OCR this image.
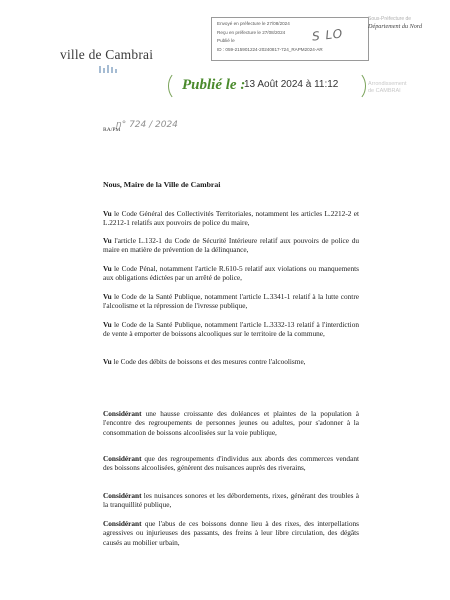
Envoyé en préfecture le 27/08/2024
Reçu en préfecture le 27/08/2024
Publié le
ID : 059-215901224-20240817-724_RAPM2024-AR
S LO
Sous-Préfecture de
Département du Nord
Arrondissement
de CAMBRAI
ville de Cambrai
Publié le :
13 Août 2024 à 11:12
RA/PM
n° 724 / 2024
Nous, Maire de la Ville de Cambrai
Vu le Code Général des Collectivités Territoriales, notamment les articles L.2212-2 et L.2212-1 relatifs aux pouvoirs de police du maire,
Vu l'article L.132-1 du Code de Sécurité Intérieure relatif aux pouvoirs de police du maire en matière de prévention de la délinquance,
Vu le Code Pénal, notamment l'article R.610-5 relatif aux violations ou manquements aux obligations édictées par un arrêté de police,
Vu le Code de la Santé Publique, notamment l'article L.3341-1 relatif à la lutte contre l'alcoolisme et la répression de l'ivresse publique,
Vu le Code de la Santé Publique, notamment l'article L.3332-13 relatif à l'interdiction de vente à emporter de boissons alcooliques sur le territoire de la commune,
Vu le Code des débits de boissons et des mesures contre l'alcoolisme,
Considérant une hausse croissante des doléances et plaintes de la population à l'encontre des regroupements de personnes jeunes ou adultes, pour s'adonner à la consommation de boissons alcoolisées sur la voie publique,
Considérant que des regroupements d'individus aux abords des commerces vendant des boissons alcoolisées, génèrent des nuisances auprès des riverains,
Considérant les nuisances sonores et les débordements, rixes, générant des troubles à la tranquillité publique,
Considérant que l'abus de ces boissons donne lieu à des rixes, des interpellations agressives ou injurieuses des passants, des freins à leur libre circulation, des dégâts causés au mobilier urbain,
